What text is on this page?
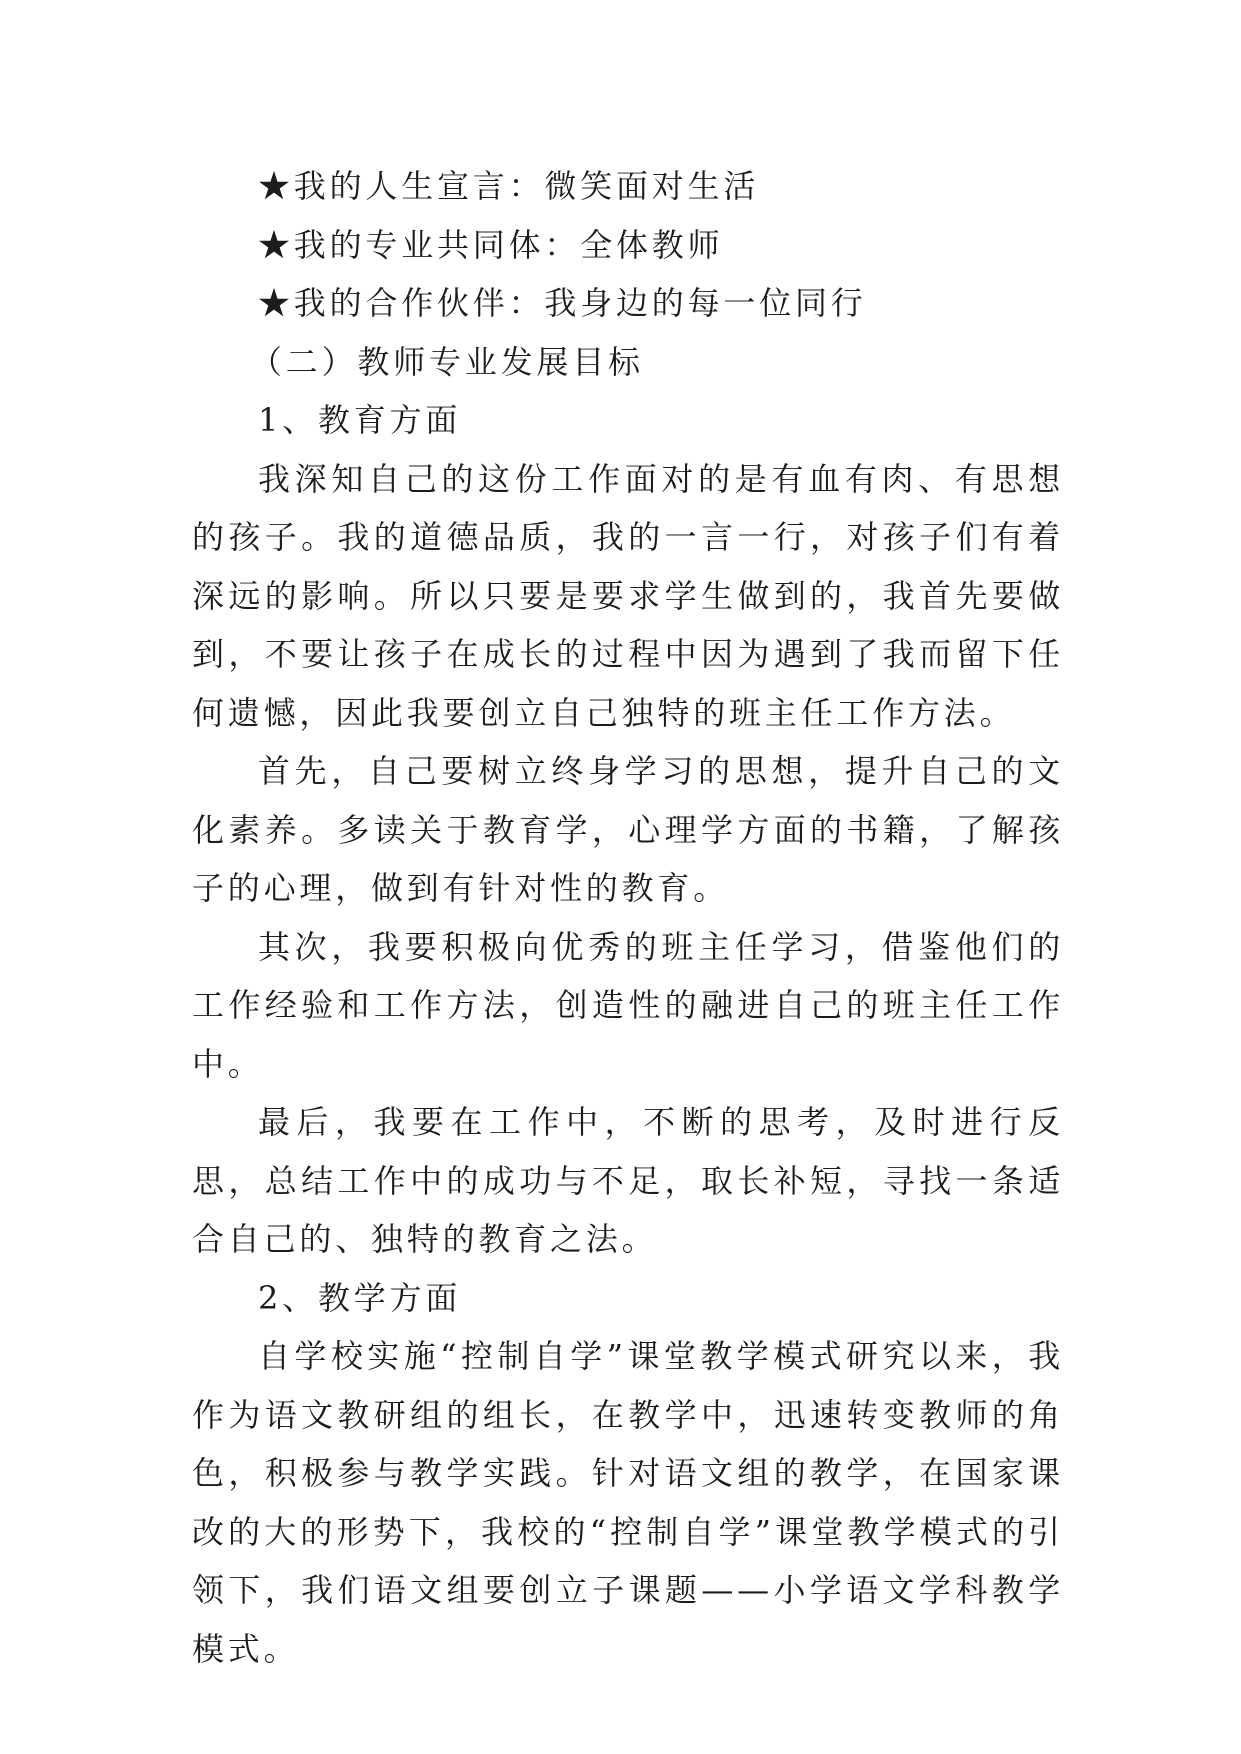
★我的人生宣言：微笑面对生活

★我的专业共同体：全体教师

★我的合作伙伴：我身边的每一位同行

（二）教师专业发展目标

1、教育方面

我深知自己的这份工作面对的是有血有肉、有思想的孩子。我的道德品质，我的一言一行，对孩子们有着深远的影响。所以只要是要求学生做到的，我首先要做到，不要让孩子在成长的过程中因为遇到了我而留下任何遗憾，因此我要创立自己独特的班主任工作方法。

首先，自己要树立终身学习的思想，提升自己的文化素养。多读关于教育学，心理学方面的书籍，了解孩子的心理，做到有针对性的教育。

其次，我要积极向优秀的班主任学习，借鉴他们的工作经验和工作方法，创造性的融进自己的班主任工作中。

最后，我要在工作中，不断的思考，及时进行反思，总结工作中的成功与不足，取长补短，寻找一条适合自己的、独特的教育之法。

2、教学方面

自学校实施“控制自学”课堂教学模式研究以来，我作为语文教研组的组长，在教学中，迅速转变教师的角色，积极参与教学实践。针对语文组的教学，在国家课改的大的形势下，我校的“控制自学”课堂教学模式的引领下，我们语文组要创立子课题——小学语文学科教学模式。
